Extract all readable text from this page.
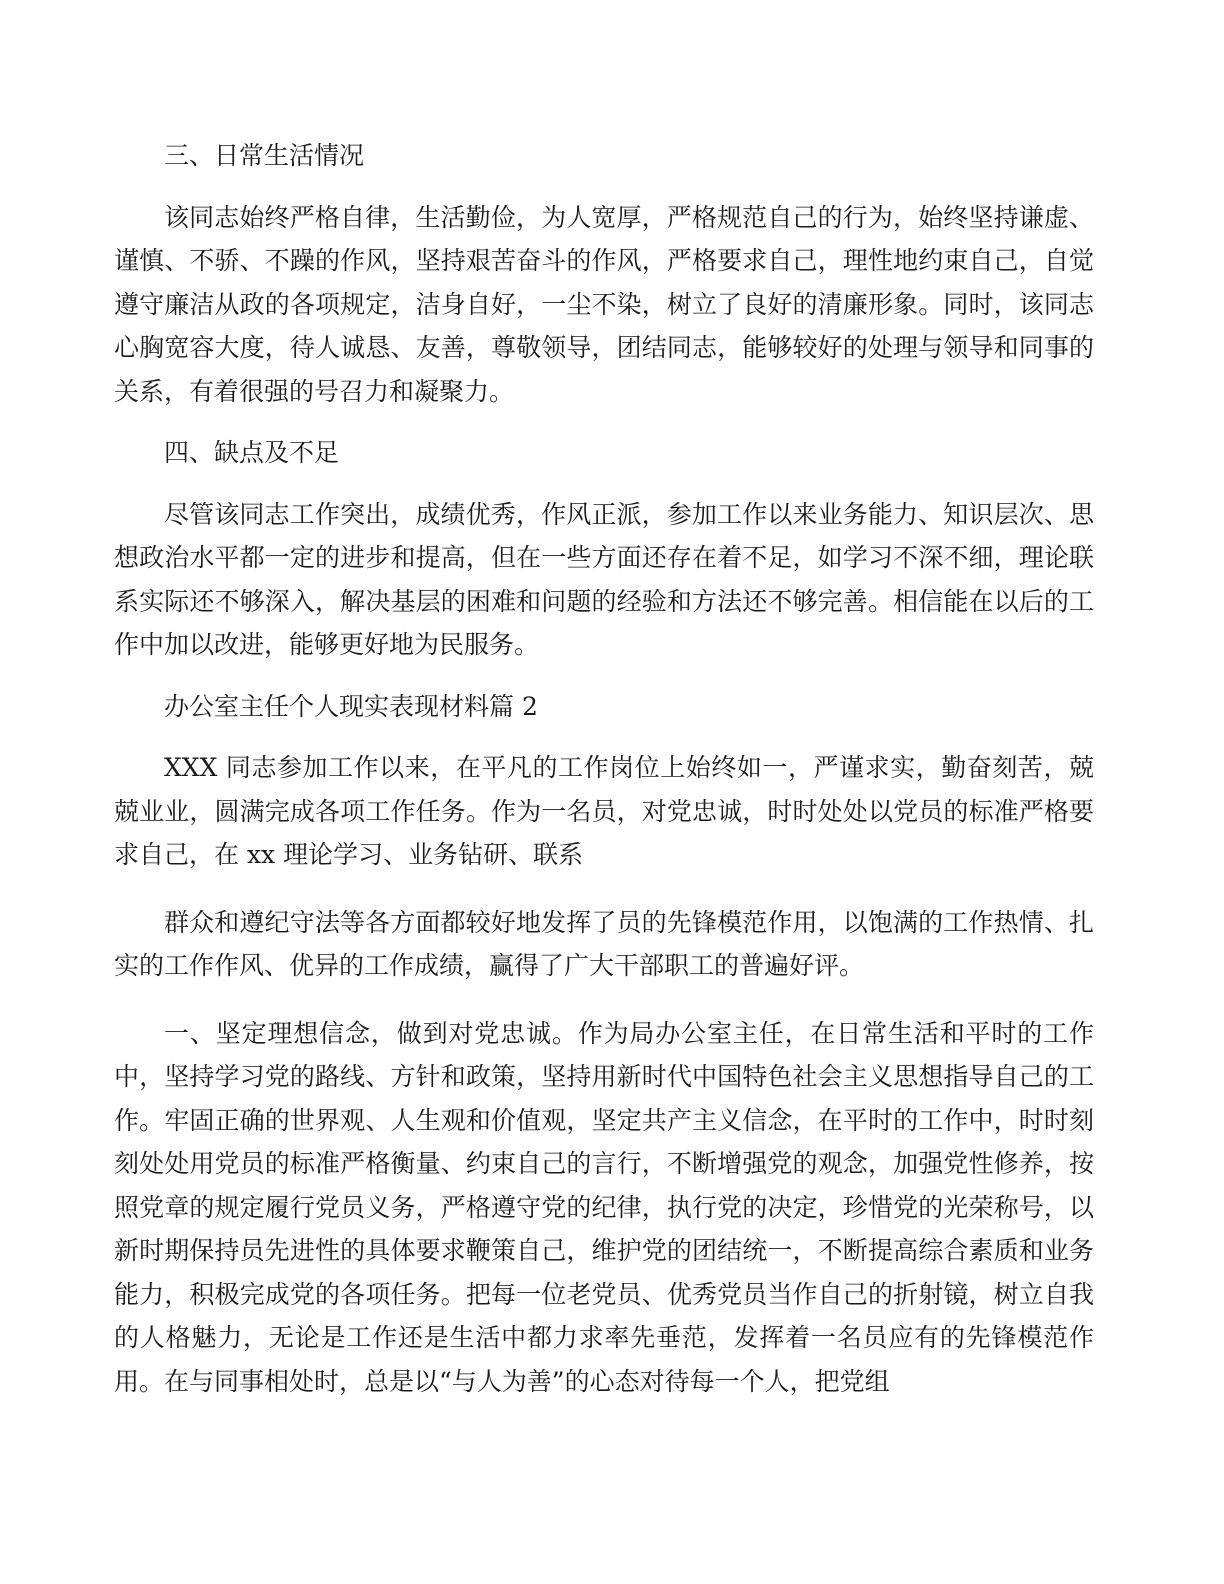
三、日常生活情况

该同志始终严格自律，生活勤俭，为人宽厚，严格规范自己的行为，始终坚持谦虚、谨慎、不骄、不躁的作风，坚持艰苦奋斗的作风，严格要求自己，理性地约束自己，自觉遵守廉洁从政的各项规定，洁身自好，一尘不染，树立了良好的清廉形象。同时，该同志心胸宽容大度，待人诚恳、友善，尊敬领导，团结同志，能够较好的处理与领导和同事的关系，有着很强的号召力和凝聚力。

四、缺点及不足

尽管该同志工作突出，成绩优秀，作风正派，参加工作以来业务能力、知识层次、思想政治水平都一定的进步和提高，但在一些方面还存在着不足，如学习不深不细，理论联系实际还不够深入，解决基层的困难和问题的经验和方法还不够完善。相信能在以后的工作中加以改进，能够更好地为民服务。

办公室主任个人现实表现材料篇 2

XXX 同志参加工作以来，在平凡的工作岗位上始终如一，严谨求实，勤奋刻苦，兢兢业业，圆满完成各项工作任务。作为一名员，对党忠诚，时时处处以党员的标准严格要求自己，在 xx 理论学习、业务钻研、联系

群众和遵纪守法等各方面都较好地发挥了员的先锋模范作用，以饱满的工作热情、扎实的工作作风、优异的工作成绩，赢得了广大干部职工的普遍好评。

一、坚定理想信念，做到对党忠诚。作为局办公室主任，在日常生活和平时的工作中，坚持学习党的路线、方针和政策，坚持用新时代中国特色社会主义思想指导自己的工作。牢固正确的世界观、人生观和价值观，坚定共产主义信念，在平时的工作中，时时刻刻处处用党员的标准严格衡量、约束自己的言行，不断增强党的观念，加强党性修养，按照党章的规定履行党员义务，严格遵守党的纪律，执行党的决定，珍惜党的光荣称号，以新时期保持员先进性的具体要求鞭策自己，维护党的团结统一，不断提高综合素质和业务能力，积极完成党的各项任务。把每一位老党员、优秀党员当作自己的折射镜，树立自我的人格魅力，无论是工作还是生活中都力求率先垂范，发挥着一名员应有的先锋模范作用。在与同事相处时，总是以“与人为善”的心态对待每一个人，把党组
